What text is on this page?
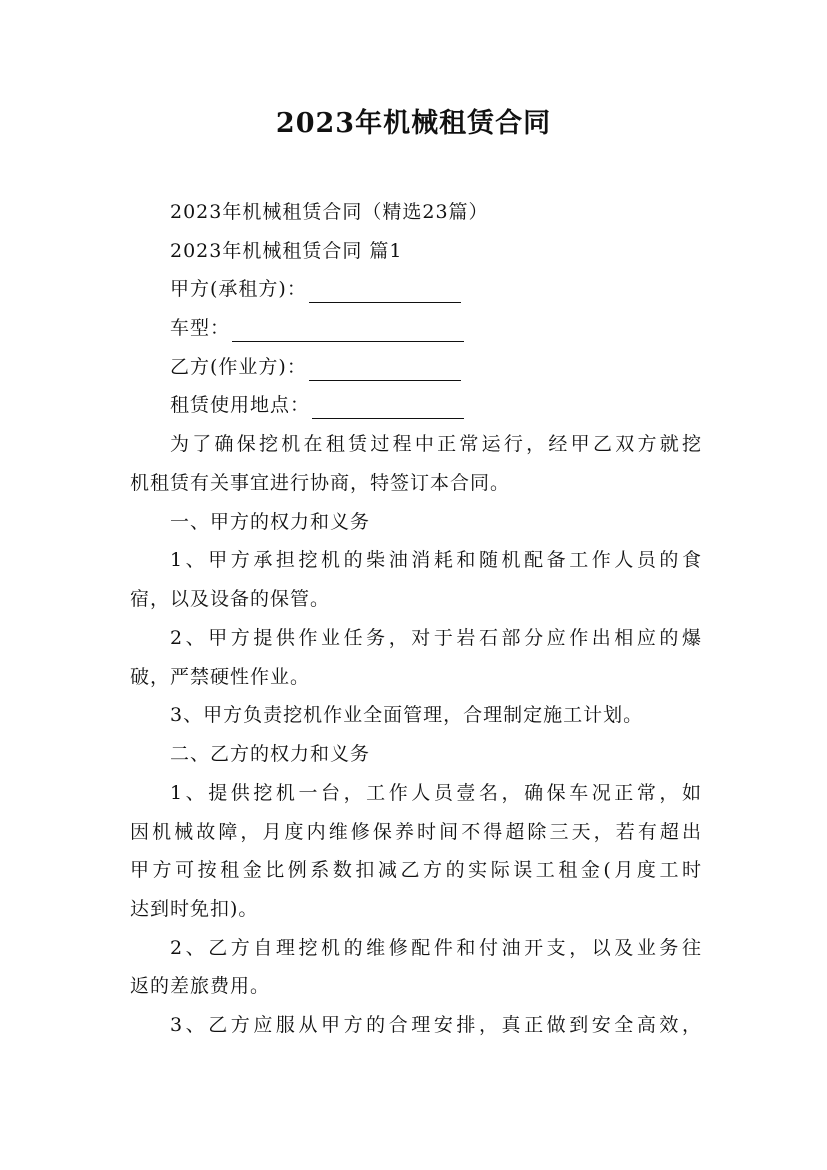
2023年机械租赁合同
2023年机械租赁合同（精选23篇）
2023年机械租赁合同 篇1
甲方(承租方)：
车型：
乙方(作业方)：
租赁使用地点：
为了确保挖机在租赁过程中正常运行，经甲乙双方就挖
机租赁有关事宜进行协商，特签订本合同。
一、甲方的权力和义务
1、甲方承担挖机的柴油消耗和随机配备工作人员的食
宿，以及设备的保管。
2、甲方提供作业任务，对于岩石部分应作出相应的爆
破，严禁硬性作业。
3、甲方负责挖机作业全面管理，合理制定施工计划。
二、乙方的权力和义务
1、提供挖机一台，工作人员壹名，确保车况正常，如
因机械故障，月度内维修保养时间不得超除三天，若有超出
甲方可按租金比例系数扣减乙方的实际误工租金(月度工时
达到时免扣)。
2、乙方自理挖机的维修配件和付油开支，以及业务往
返的差旅费用。
3、乙方应服从甲方的合理安排，真正做到安全高效，
